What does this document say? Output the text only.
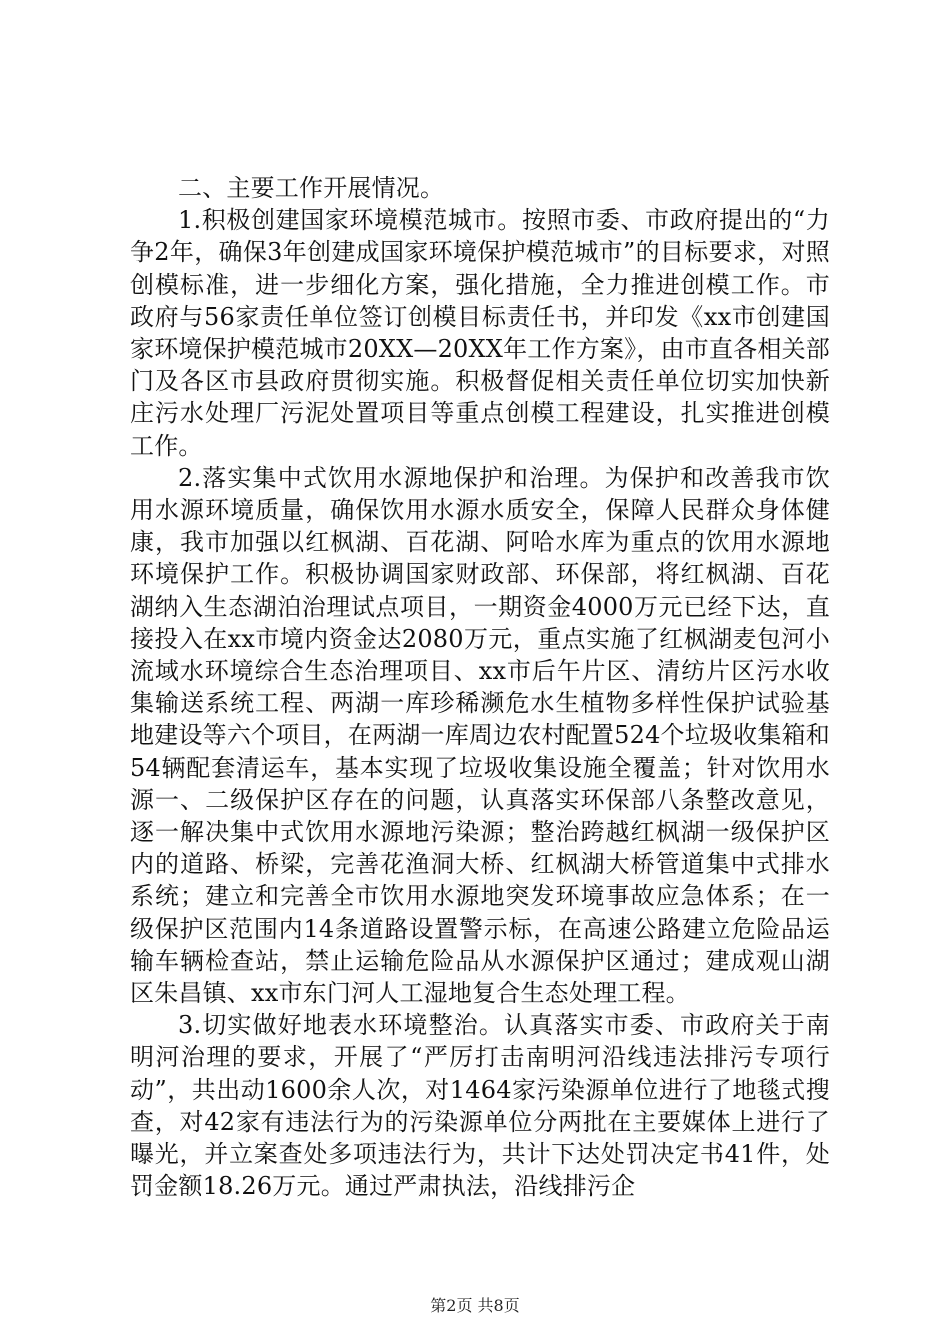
二、主要工作开展情况。

1.积极创建国家环境模范城市。按照市委、市政府提出的“力争2年，确保3年创建成国家环境保护模范城市”的目标要求，对照创模标准，进一步细化方案，强化措施，全力推进创模工作。市政府与56家责任单位签订创模目标责任书，并印发《xx市创建国家环境保护模范城市20XX—20XX年工作方案》，由市直各相关部门及各区市县政府贯彻实施。积极督促相关责任单位切实加快新庄污水处理厂污泥处置项目等重点创模工程建设，扎实推进创模工作。

2.落实集中式饮用水源地保护和治理。为保护和改善我市饮用水源环境质量，确保饮用水源水质安全，保障人民群众身体健康，我市加强以红枫湖、百花湖、阿哈水库为重点的饮用水源地环境保护工作。积极协调国家财政部、环保部，将红枫湖、百花湖纳入生态湖泊治理试点项目，一期资金4000万元已经下达，直接投入在xx市境内资金达2080万元，重点实施了红枫湖麦包河小流域水环境综合生态治理项目、xx市后午片区、清纺片区污水收集输送系统工程、两湖一库珍稀濒危水生植物多样性保护试验基地建设等六个项目，在两湖一库周边农村配置524个垃圾收集箱和54辆配套清运车，基本实现了垃圾收集设施全覆盖；针对饮用水源一、二级保护区存在的问题，认真落实环保部八条整改意见，逐一解决集中式饮用水源地污染源；整治跨越红枫湖一级保护区内的道路、桥梁，完善花渔洞大桥、红枫湖大桥管道集中式排水系统；建立和完善全市饮用水源地突发环境事故应急体系；在一级保护区范围内14条道路设置警示标，在高速公路建立危险品运输车辆检查站，禁止运输危险品从水源保护区通过；建成观山湖区朱昌镇、xx市东门河人工湿地复合生态处理工程。

3.切实做好地表水环境整治。认真落实市委、市政府关于南明河治理的要求，开展了“严厉打击南明河沿线违法排污专项行动”，共出动1600余人次，对1464家污染源单位进行了地毯式搜查，对42家有违法行为的污染源单位分两批在主要媒体上进行了曝光，并立案查处多项违法行为，共计下达处罚决定书41件，处罚金额18.26万元。通过严肃执法，沿线排污企

第2页 共8页
